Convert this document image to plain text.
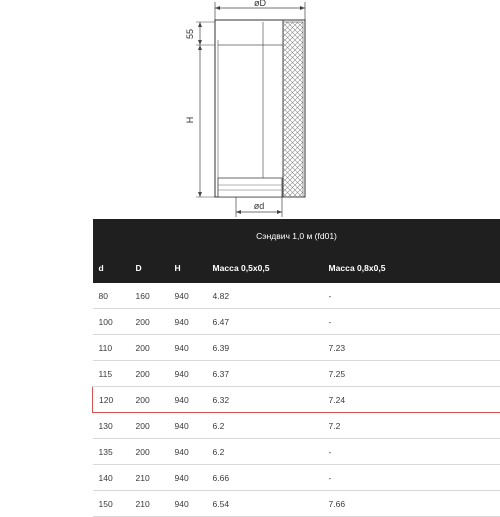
øD
55
H
ød
Сэндвич 1,0 м (fd01)				
d	D	H	Масса 0,5x0,5	Масса 0,8x0,5
80	160	940	4.82	-
100	200	940	6.47	-
110	200	940	6.39	7.23
115	200	940	6.37	7.25
120	200	940	6.32	7.24
130	200	940	6.2	7.2
135	200	940	6.2	-
140	210	940	6.66	-
150	210	940	6.54	7.66
